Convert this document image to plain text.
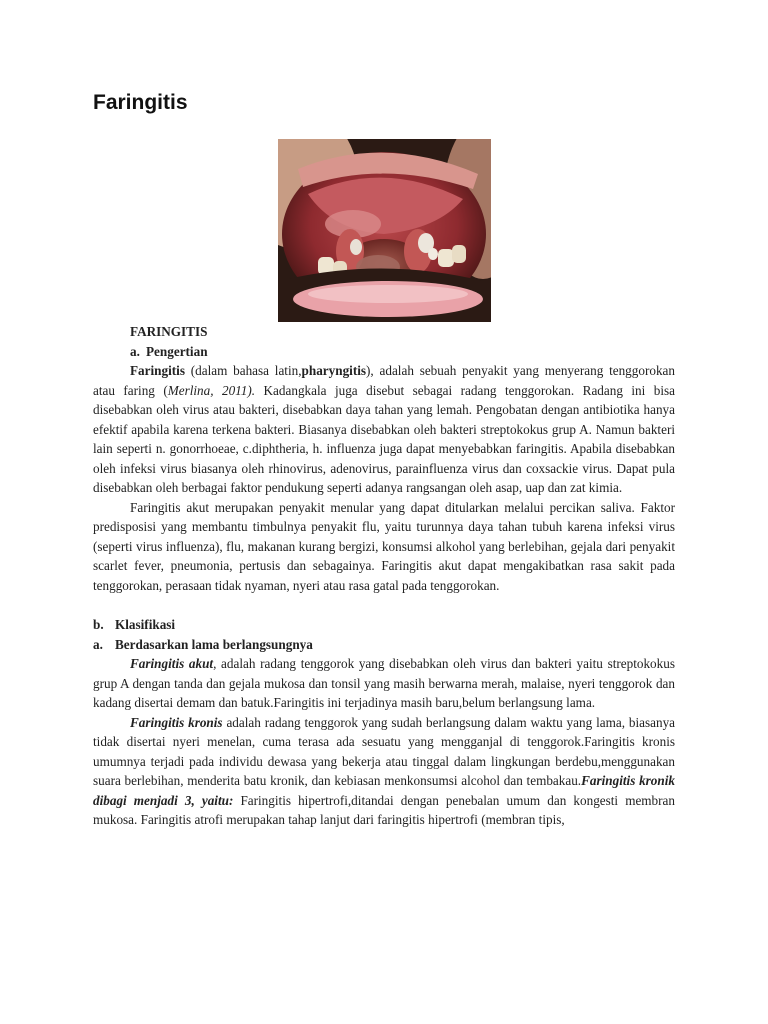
Faringitis

FARINGITIS

a. Pengertian

Faringitis (dalam bahasa latin,pharyngitis), adalah sebuah penyakit yang menyerang tenggorokan atau faring (Merlina, 2011). Kadangkala juga disebut sebagai radang tenggorokan. Radang ini bisa disebabkan oleh virus atau bakteri, disebabkan daya tahan yang lemah. Pengobatan dengan antibiotika hanya efektif apabila karena terkena bakteri. Biasanya disebabkan oleh bakteri streptokokus grup A. Namun bakteri lain seperti n. gonorrhoeae, c.diphtheria, h. influenza juga dapat menyebabkan faringitis. Apabila disebabkan oleh infeksi virus biasanya oleh rhinovirus, adenovirus, parainfluenza virus dan coxsackie virus. Dapat pula disebabkan oleh berbagai faktor pendukung seperti adanya rangsangan oleh asap, uap dan zat kimia.

Faringitis akut merupakan penyakit menular yang dapat ditularkan melalui percikan saliva. Faktor predisposisi yang membantu timbulnya penyakit flu, yaitu turunnya daya tahan tubuh karena infeksi virus (seperti virus influenza), flu, makanan kurang bergizi, konsumsi alkohol yang berlebihan, gejala dari penyakit scarlet fever, pneumonia, pertusis dan sebagainya. Faringitis akut dapat mengakibatkan rasa sakit pada tenggorokan, perasaan tidak nyaman, nyeri atau rasa gatal pada tenggorokan.

b. Klasifikasi

a. Berdasarkan lama berlangsungnya

Faringitis akut, adalah radang tenggorok yang disebabkan oleh virus dan bakteri yaitu streptokokus grup A dengan tanda dan gejala mukosa dan tonsil yang masih berwarna merah, malaise, nyeri tenggorok dan kadang disertai demam dan batuk.Faringitis ini terjadinya masih baru,belum berlangsung lama.

Faringitis kronis adalah radang tenggorok yang sudah berlangsung dalam waktu yang lama, biasanya tidak disertai nyeri menelan, cuma terasa ada sesuatu yang mengganjal di tenggorok.Faringitis kronis umumnya terjadi pada individu dewasa yang bekerja atau tinggal dalam lingkungan berdebu,menggunakan suara berlebihan, menderita batu kronik, dan kebiasan menkonsumsi alcohol dan tembakau.Faringitis kronik dibagi menjadi 3, yaitu: Faringitis hipertrofi,ditandai dengan penebalan umum dan kongesti membran mukosa. Faringitis atrofi merupakan tahap lanjut dari faringitis hipertrofi (membran tipis,
